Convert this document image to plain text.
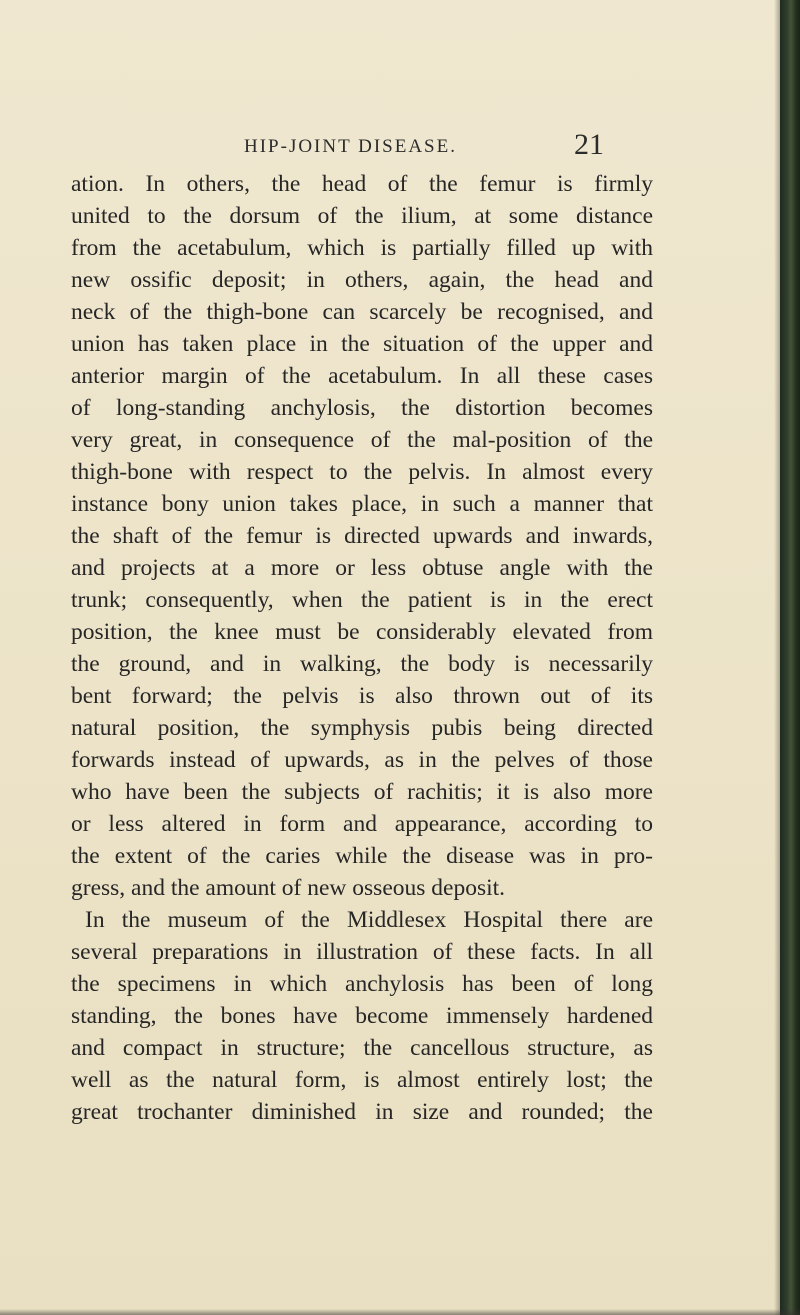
HIP-JOINT DISEASE.	21
ation. In others, the head of the femur is firmly
united to the dorsum of the ilium, at some distance
from the acetabulum, which is partially filled up with
new ossific deposit; in others, again, the head and
neck of the thigh-bone can scarcely be recognised, and
union has taken place in the situation of the upper and
anterior margin of the acetabulum. In all these cases
of long-standing anchylosis, the distortion becomes
very great, in consequence of the mal-position of the
thigh-bone with respect to the pelvis. In almost every
instance bony union takes place, in such a manner that
the shaft of the femur is directed upwards and inwards,
and projects at a more or less obtuse angle with the
trunk; consequently, when the patient is in the erect
position, the knee must be considerably elevated from
the ground, and in walking, the body is necessarily
bent forward; the pelvis is also thrown out of its
natural position, the symphysis pubis being directed
forwards instead of upwards, as in the pelves of those
who have been the subjects of rachitis; it is also more
or less altered in form and appearance, according to
the extent of the caries while the disease was in pro-
gress, and the amount of new osseous deposit.
In the museum of the Middlesex Hospital there are
several preparations in illustration of these facts. In all
the specimens in which anchylosis has been of long
standing, the bones have become immensely hardened
and compact in structure; the cancellous structure, as
well as the natural form, is almost entirely lost; the
great trochanter diminished in size and rounded; the
